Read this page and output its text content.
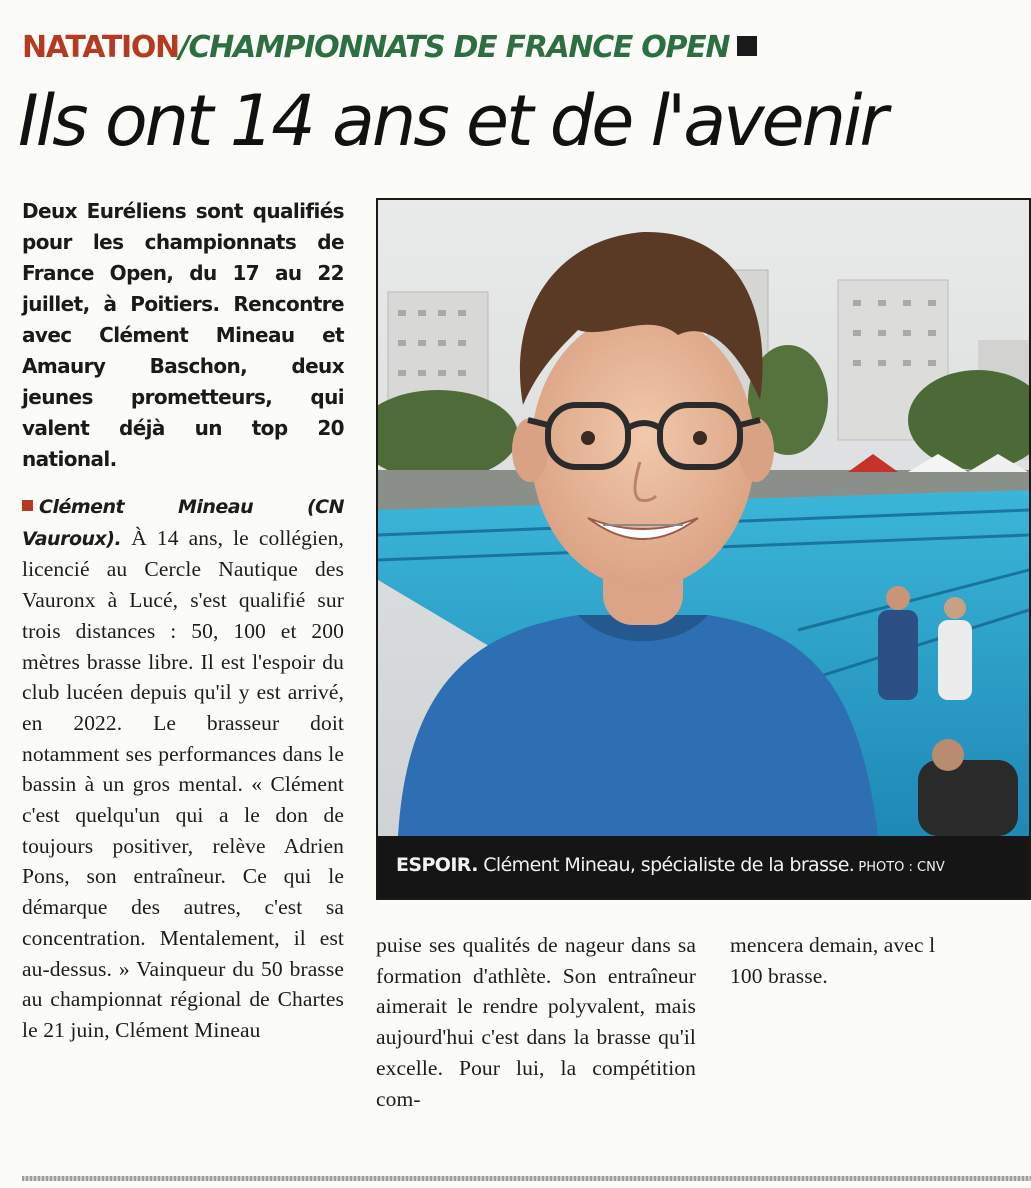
NATATION/CHAMPIONNATS DE FRANCE OPEN
Ils ont 14 ans et de l'avenir

Deux Euréliens sont qualifiés pour les championnats de France Open, du 17 au 22 juillet, à Poitiers. Rencontre avec Clément Mineau et Amaury Baschon, deux jeunes prometteurs, qui valent déjà un top 20 national.

Clément Mineau (CN Vauroux). À 14 ans, le collégien, licencié au Cercle Nautique des Vauronx à Lucé, s'est qualifié sur trois distances : 50, 100 et 200 mètres brasse libre. Il est l'espoir du club lucéen depuis qu'il y est arrivé, en 2022. Le brasseur doit notamment ses performances dans le bassin à un gros mental. « Clément c'est quelqu'un qui a le don de toujours positiver, relève Adrien Pons, son entraîneur. Ce qui le démarque des autres, c'est sa concentration. Mentalement, il est au-dessus. » Vainqueur du 50 brasse au championnat régional de Chartes le 21 juin, Clément Mineau
ESPOIR. Clément Mineau, spécialiste de la brasse. PHOTO : CNV
puise ses qualités de nageur dans sa formation d'athlète. Son entraîneur aimerait le rendre polyvalent, mais aujourd'hui c'est dans la brasse qu'il excelle. Pour lui, la compétition com-
mencera demain, avec l
100 brasse.
